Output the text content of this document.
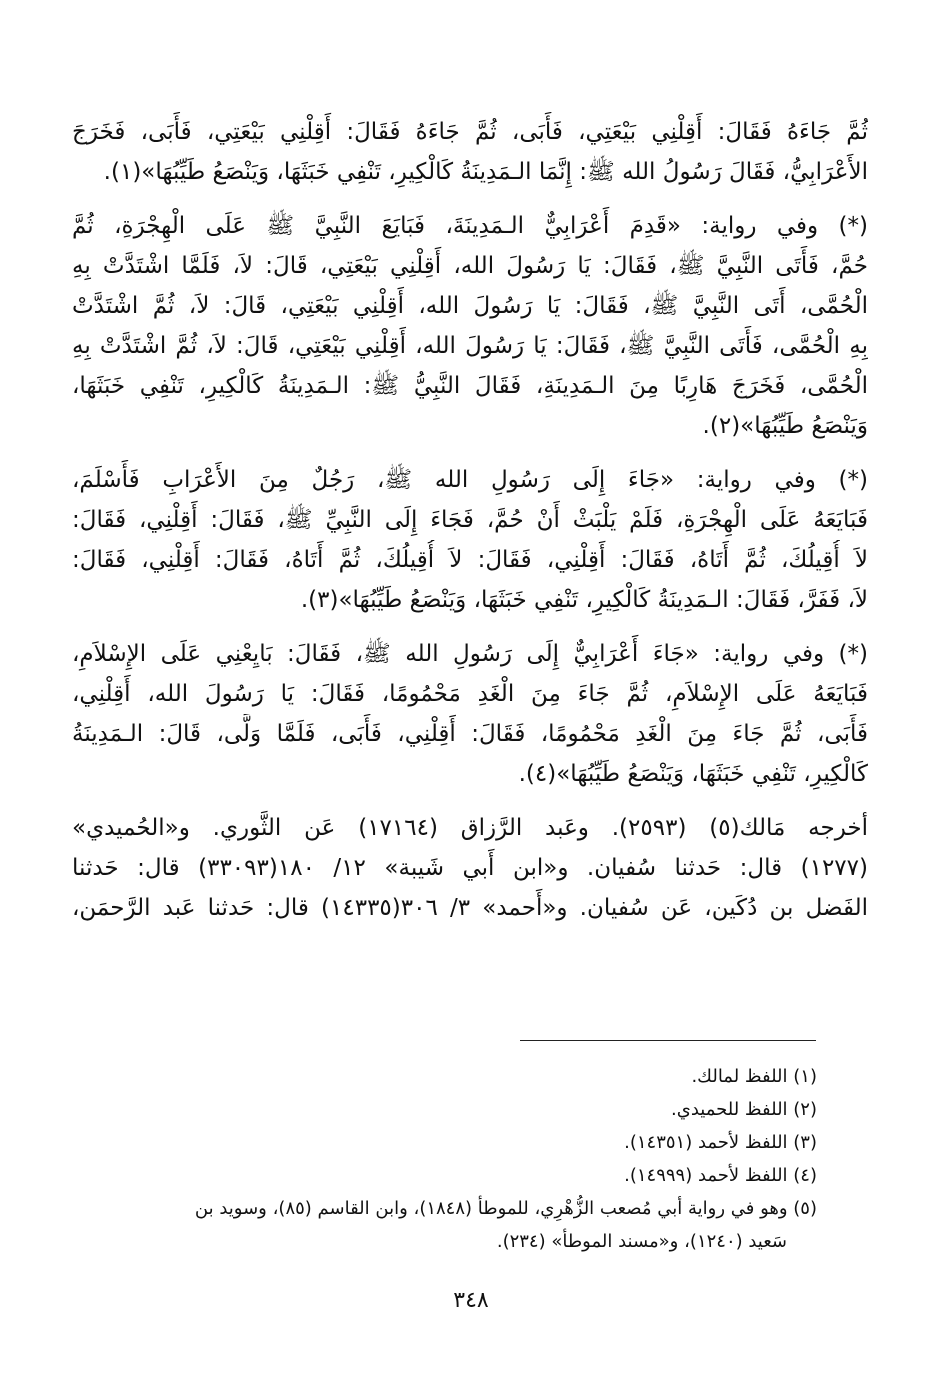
ثُمَّ جَاءَهُ فَقَالَ: أَقِلْنِي بَيْعَتِي، فَأَبَى، ثُمَّ جَاءَهُ فَقَالَ: أَقِلْنِي بَيْعَتِي، فَأَبَى، فَخَرَجَ
الأَعْرَابِيُّ، فَقَالَ رَسُولُ الله ﷺ: إِنَّمَا الـمَدِينَةُ كَالْكِيرِ، تَنْفِي خَبَثَهَا، وَيَنْصَعُ طَيِّبُهَا»(١).
(*) وفي رواية: «قَدِمَ أَعْرَابِيٌّ الـمَدِينَةَ، فَبَايَعَ النَّبِيَّ ﷺ عَلَى الْهِجْرَةِ، ثُمَّ
حُمَّ، فَأَتَى النَّبِيَّ ﷺ، فَقَالَ: يَا رَسُولَ الله، أَقِلْنِي بَيْعَتِي، قَالَ: لاَ، فَلَمَّا اشْتَدَّتْ بِهِ
الْحُمَّى، أَتَى النَّبِيَّ ﷺ، فَقَالَ: يَا رَسُولَ الله، أَقِلْنِي بَيْعَتِي، قَالَ: لاَ، ثُمَّ اشْتَدَّتْ
بِهِ الْحُمَّى، فَأَتَى النَّبِيَّ ﷺ، فَقَالَ: يَا رَسُولَ الله، أَقِلْنِي بَيْعَتِي، قَالَ: لاَ، ثُمَّ اشْتَدَّتْ بِهِ
الْحُمَّى، فَخَرَجَ هَارِبًا مِنَ الـمَدِينَةِ، فَقَالَ النَّبِيُّ ﷺ: الـمَدِينَةُ كَالْكِيرِ، تَنْفِي خَبَثَهَا،
وَيَنْصَعُ طَيِّبُهَا»(٢).
(*) وفي رواية: «جَاءَ إِلَى رَسُولِ الله ﷺ، رَجُلٌ مِنَ الأَعْرَابِ فَأَسْلَمَ،
فَبَايَعَهُ عَلَى الْهِجْرَةِ، فَلَمْ يَلْبَثْ أَنْ حُمَّ، فَجَاءَ إِلَى النَّبِيِّ ﷺ، فَقَالَ: أَقِلْنِي، فَقَالَ:
لاَ أُقِيلُكَ، ثُمَّ أَتَاهُ، فَقَالَ: أَقِلْنِي، فَقَالَ: لاَ أُقِيلُكَ، ثُمَّ أَتَاهُ، فَقَالَ: أَقِلْنِي، فَقَالَ:
لاَ، فَفَرَّ، فَقَالَ: الـمَدِينَةُ كَالْكِيرِ، تَنْفِي خَبَثَهَا، وَيَنْصَعُ طَيِّبُهَا»(٣).
(*) وفي رواية: «جَاءَ أَعْرَابِيٌّ إِلَى رَسُولِ الله ﷺ، فَقَالَ: بَايِعْنِي عَلَى الإِسْلاَمِ،
فَبَايَعَهُ عَلَى الإِسْلاَمِ، ثُمَّ جَاءَ مِنَ الْغَدِ مَحْمُومًا، فَقَالَ: يَا رَسُولَ الله، أَقِلْنِي،
فَأَبَى، ثُمَّ جَاءَ مِنَ الْغَدِ مَحْمُومًا، فَقَالَ: أَقِلْنِي، فَأَبَى، فَلَمَّا وَلَّى، قَالَ: الـمَدِينَةُ
كَالْكِيرِ، تَنْفِي خَبَثَهَا، وَيَنْصَعُ طَيِّبُهَا»(٤).
أخرجه مَالك(٥) (٢٥٩٣). وعَبد الرَّزاق (١٧١٦٤) عَن الثَّوري. و«الحُميدي»
(١٢٧٧) قال: حَدثنا سُفيان. و«ابن أَبي شَيبة» ١٢/ ١٨٠(٣٣٠٩٣) قال: حَدثنا
الفَضل بن دُكَين، عَن سُفيان. و«أَحمد» ٣/ ٣٠٦(١٤٣٣٥) قال: حَدثنا عَبد الرَّحمَن،
(١) اللفظ لمالك.
(٢) اللفظ للحميدي.
(٣) اللفظ لأحمد (١٤٣٥١).
(٤) اللفظ لأحمد (١٤٩٩٩).
(٥) وهو في رواية أبي مُصعب الزُّهْرِي، للموطأ (١٨٤٨)، وابن القاسم (٨٥)، وسويد بن
سَعيد (١٢٤٠)، و«مسند الموطأ» (٢٣٤).
٣٤٨
